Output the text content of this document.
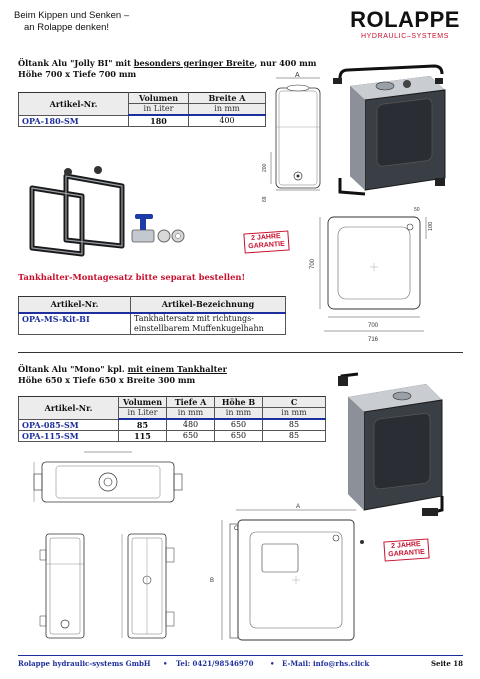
Beim Kippen und Senken –
an Rolappe denken!	ROLAPPE
HYDRAULIC–SYSTEMS
Öltank Alu "Jolly BI" mit besonders geringer Breite, nur 400 mm
Höhe 700 x Tiefe 700 mm
Artikel-Nr.	Volumen	Breite A
	in Liter	in mm
OPA-180-SM	180	400
A
200
69
100
50
700
700
716
2 JAHRE
GARANTIE
Tankhalter-Montagesatz bitte separat bestellen!
Artikel-Nr.	Artikel-Bezeichnung
OPA-MS-Kit-BI	Tankhaltersatz mit richtungs-
einstellbarem Muffenkugelhahn
Öltank Alu "Mono" kpl. mit einem Tankhalter
Höhe 650 x Tiefe 650 x Breite 300 mm
Artikel-Nr.	Volumen	Tiefe A	Höhe B	C
	in Liter	in mm	in mm	in mm
OPA-085-SM	85	480	650	85
OPA-115-SM	115	650	650	85
A
C
B
2 JAHRE
GARANTIE
Rolappe hydraulic-systems GmbH • Tel: 0421/98546970 • E-Mail: info@rhs.click	Seite 18
